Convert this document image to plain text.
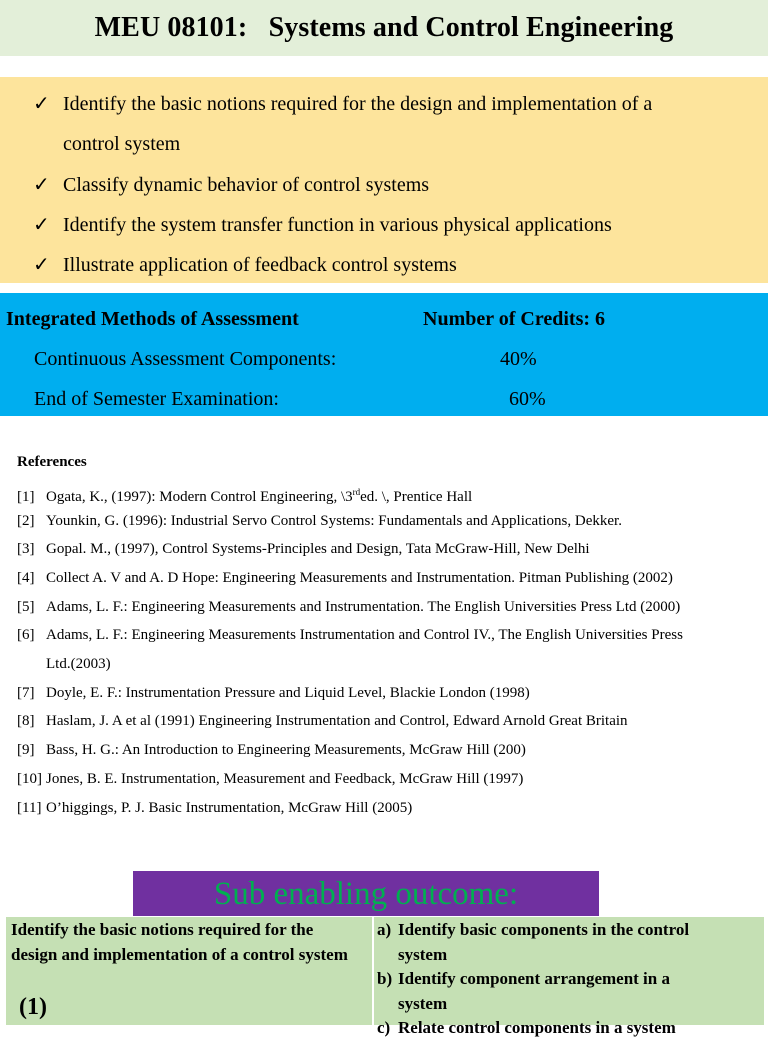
MEU 08101:   Systems and Control Engineering
✓ Identify the basic notions required for the design and implementation of a
control system
✓ Classify dynamic behavior of control systems
✓ Identify the system transfer function in various physical applications
✓ Illustrate application of feedback control systems
Integrated Methods of Assessment	Number of Credits: 6
Continuous Assessment Components:	40%
End of Semester Examination:	60%
References
[1] Ogata, K., (1997): Modern Control Engineering, \3rded. \, Prentice Hall
[2] Younkin, G. (1996): Industrial Servo Control Systems: Fundamentals and Applications, Dekker.
[3] Gopal. M., (1997), Control Systems-Principles and Design, Tata McGraw-Hill, New Delhi
[4] Collect A. V and A. D Hope: Engineering Measurements and Instrumentation. Pitman Publishing (2002)
[5] Adams, L. F.: Engineering Measurements and Instrumentation. The English Universities Press Ltd (2000)
[6] Adams, L. F.: Engineering Measurements Instrumentation and Control IV., The English Universities Press
Ltd.(2003)
[7] Doyle, E. F.: Instrumentation Pressure and Liquid Level, Blackie London (1998)
[8] Haslam, J. A et al (1991) Engineering Instrumentation and Control, Edward Arnold Great Britain
[9] Bass, H. G.: An Introduction to Engineering Measurements, McGraw Hill (200)
[10] Jones, B. E. Instrumentation, Measurement and Feedback, McGraw Hill (1997)
[11] O’higgings, P. J. Basic Instrumentation, McGraw Hill (2005)
Sub enabling outcome:
Identify the basic notions required for the design and implementation of a control system
(1)
a) Identify basic components in the control
system
b) Identify component arrangement in a
system
c) Relate control components in a system
